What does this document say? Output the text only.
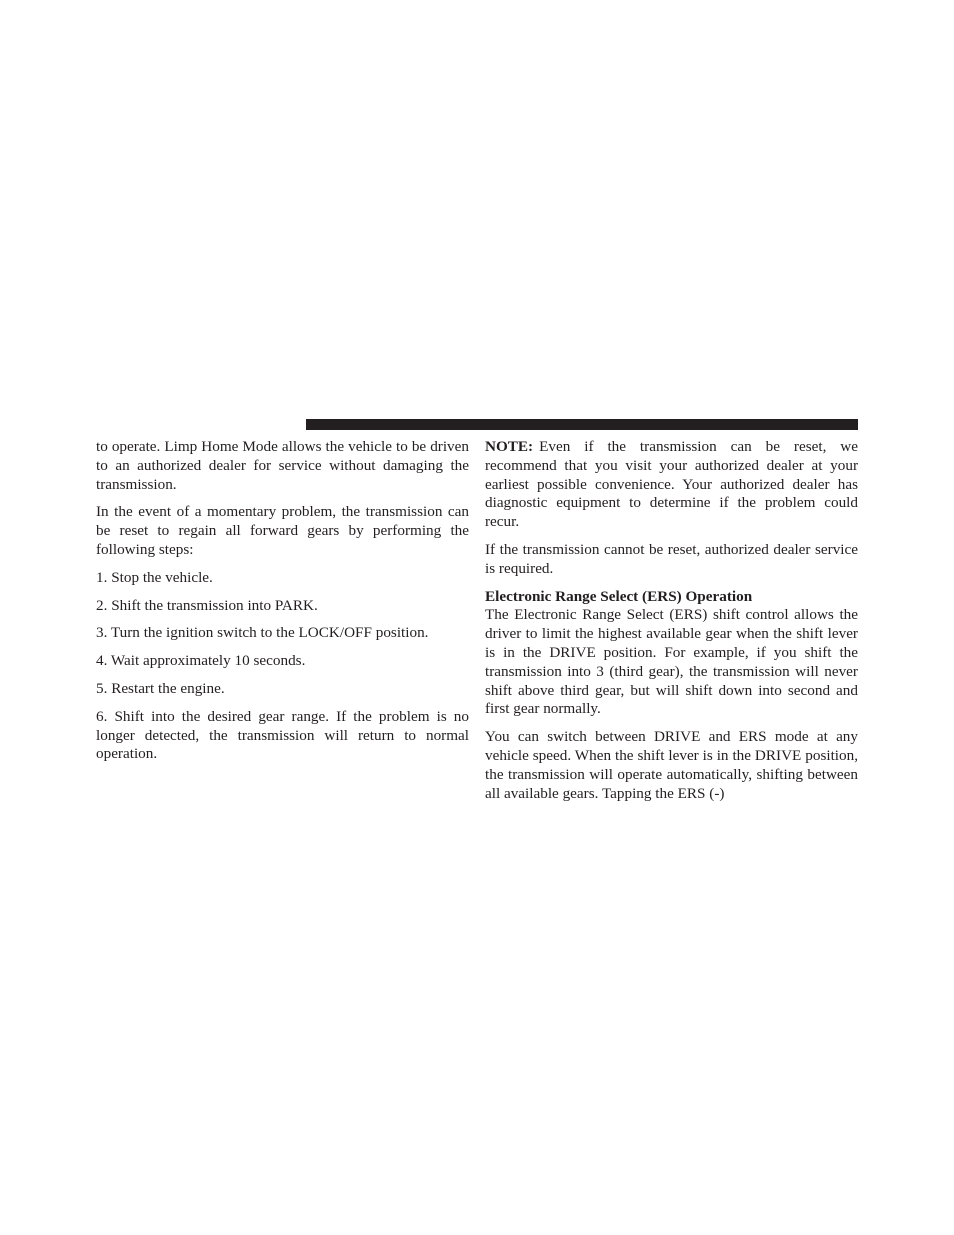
to operate. Limp Home Mode allows the vehicle to be driven to an authorized dealer for service without damaging the transmission.

In the event of a momentary problem, the transmission can be reset to regain all forward gears by performing the following steps:

1. Stop the vehicle.

2. Shift the transmission into PARK.

3. Turn the ignition switch to the LOCK/OFF position.

4. Wait approximately 10 seconds.

5. Restart the engine.

6. Shift into the desired gear range. If the problem is no longer detected, the transmission will return to normal operation.

NOTE: Even if the transmission can be reset, we recommend that you visit your authorized dealer at your earliest possible convenience. Your authorized dealer has diagnostic equipment to determine if the problem could recur.

If the transmission cannot be reset, authorized dealer service is required.

Electronic Range Select (ERS) Operation

The Electronic Range Select (ERS) shift control allows the driver to limit the highest available gear when the shift lever is in the DRIVE position. For example, if you shift the transmission into 3 (third gear), the transmission will never shift above third gear, but will shift down into second and first gear normally.

You can switch between DRIVE and ERS mode at any vehicle speed. When the shift lever is in the DRIVE position, the transmission will operate automatically, shifting between all available gears. Tapping the ERS (-)
